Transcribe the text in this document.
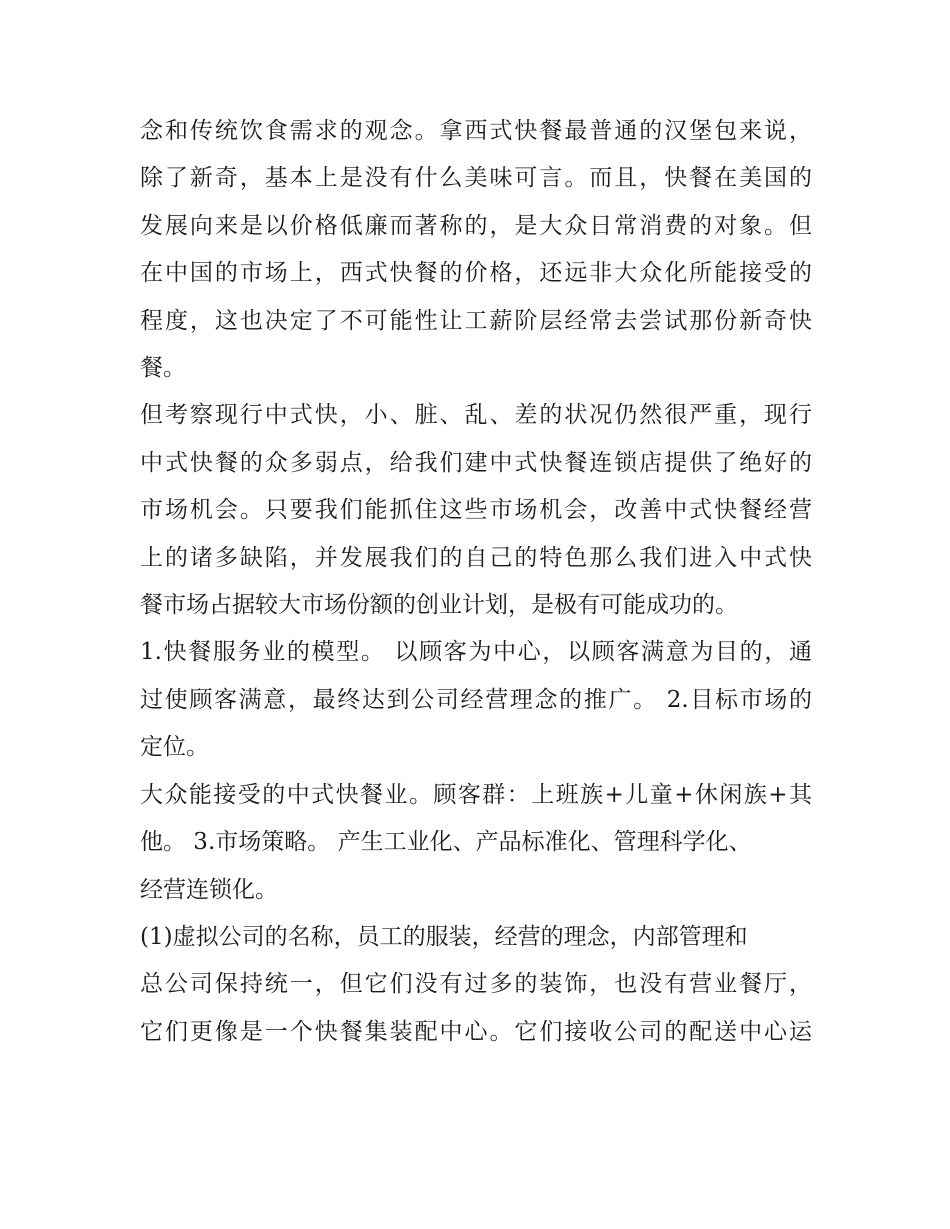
念和传统饮食需求的观念。拿西式快餐最普通的汉堡包来说，
除了新奇，基本上是没有什么美味可言。而且，快餐在美国的
发展向来是以价格低廉而著称的，是大众日常消费的对象。但
在中国的市场上，西式快餐的价格，还远非大众化所能接受的
程度，这也决定了不可能性让工薪阶层经常去尝试那份新奇快
餐。

但考察现行中式快，小、脏、乱、差的状况仍然很严重，现行
中式快餐的众多弱点，给我们建中式快餐连锁店提供了绝好的
市场机会。只要我们能抓住这些市场机会，改善中式快餐经营
上的诸多缺陷，并发展我们的自己的特色那么我们进入中式快
餐市场占据较大市场份额的创业计划，是极有可能成功的。

1.快餐服务业的模型。 以顾客为中心，以顾客满意为目的，通
过使顾客满意，最终达到公司经营理念的推广。 2.目标市场的
定位。

大众能接受的中式快餐业。顾客群：上班族+儿童+休闲族+其
他。 3.市场策略。 产生工业化、产品标准化、管理科学化、
经营连锁化。

(1)虚拟公司的名称，员工的服装，经营的理念，内部管理和
总公司保持统一，但它们没有过多的装饰，也没有营业餐厅，
它们更像是一个快餐集装配中心。它们接收公司的配送中心运
